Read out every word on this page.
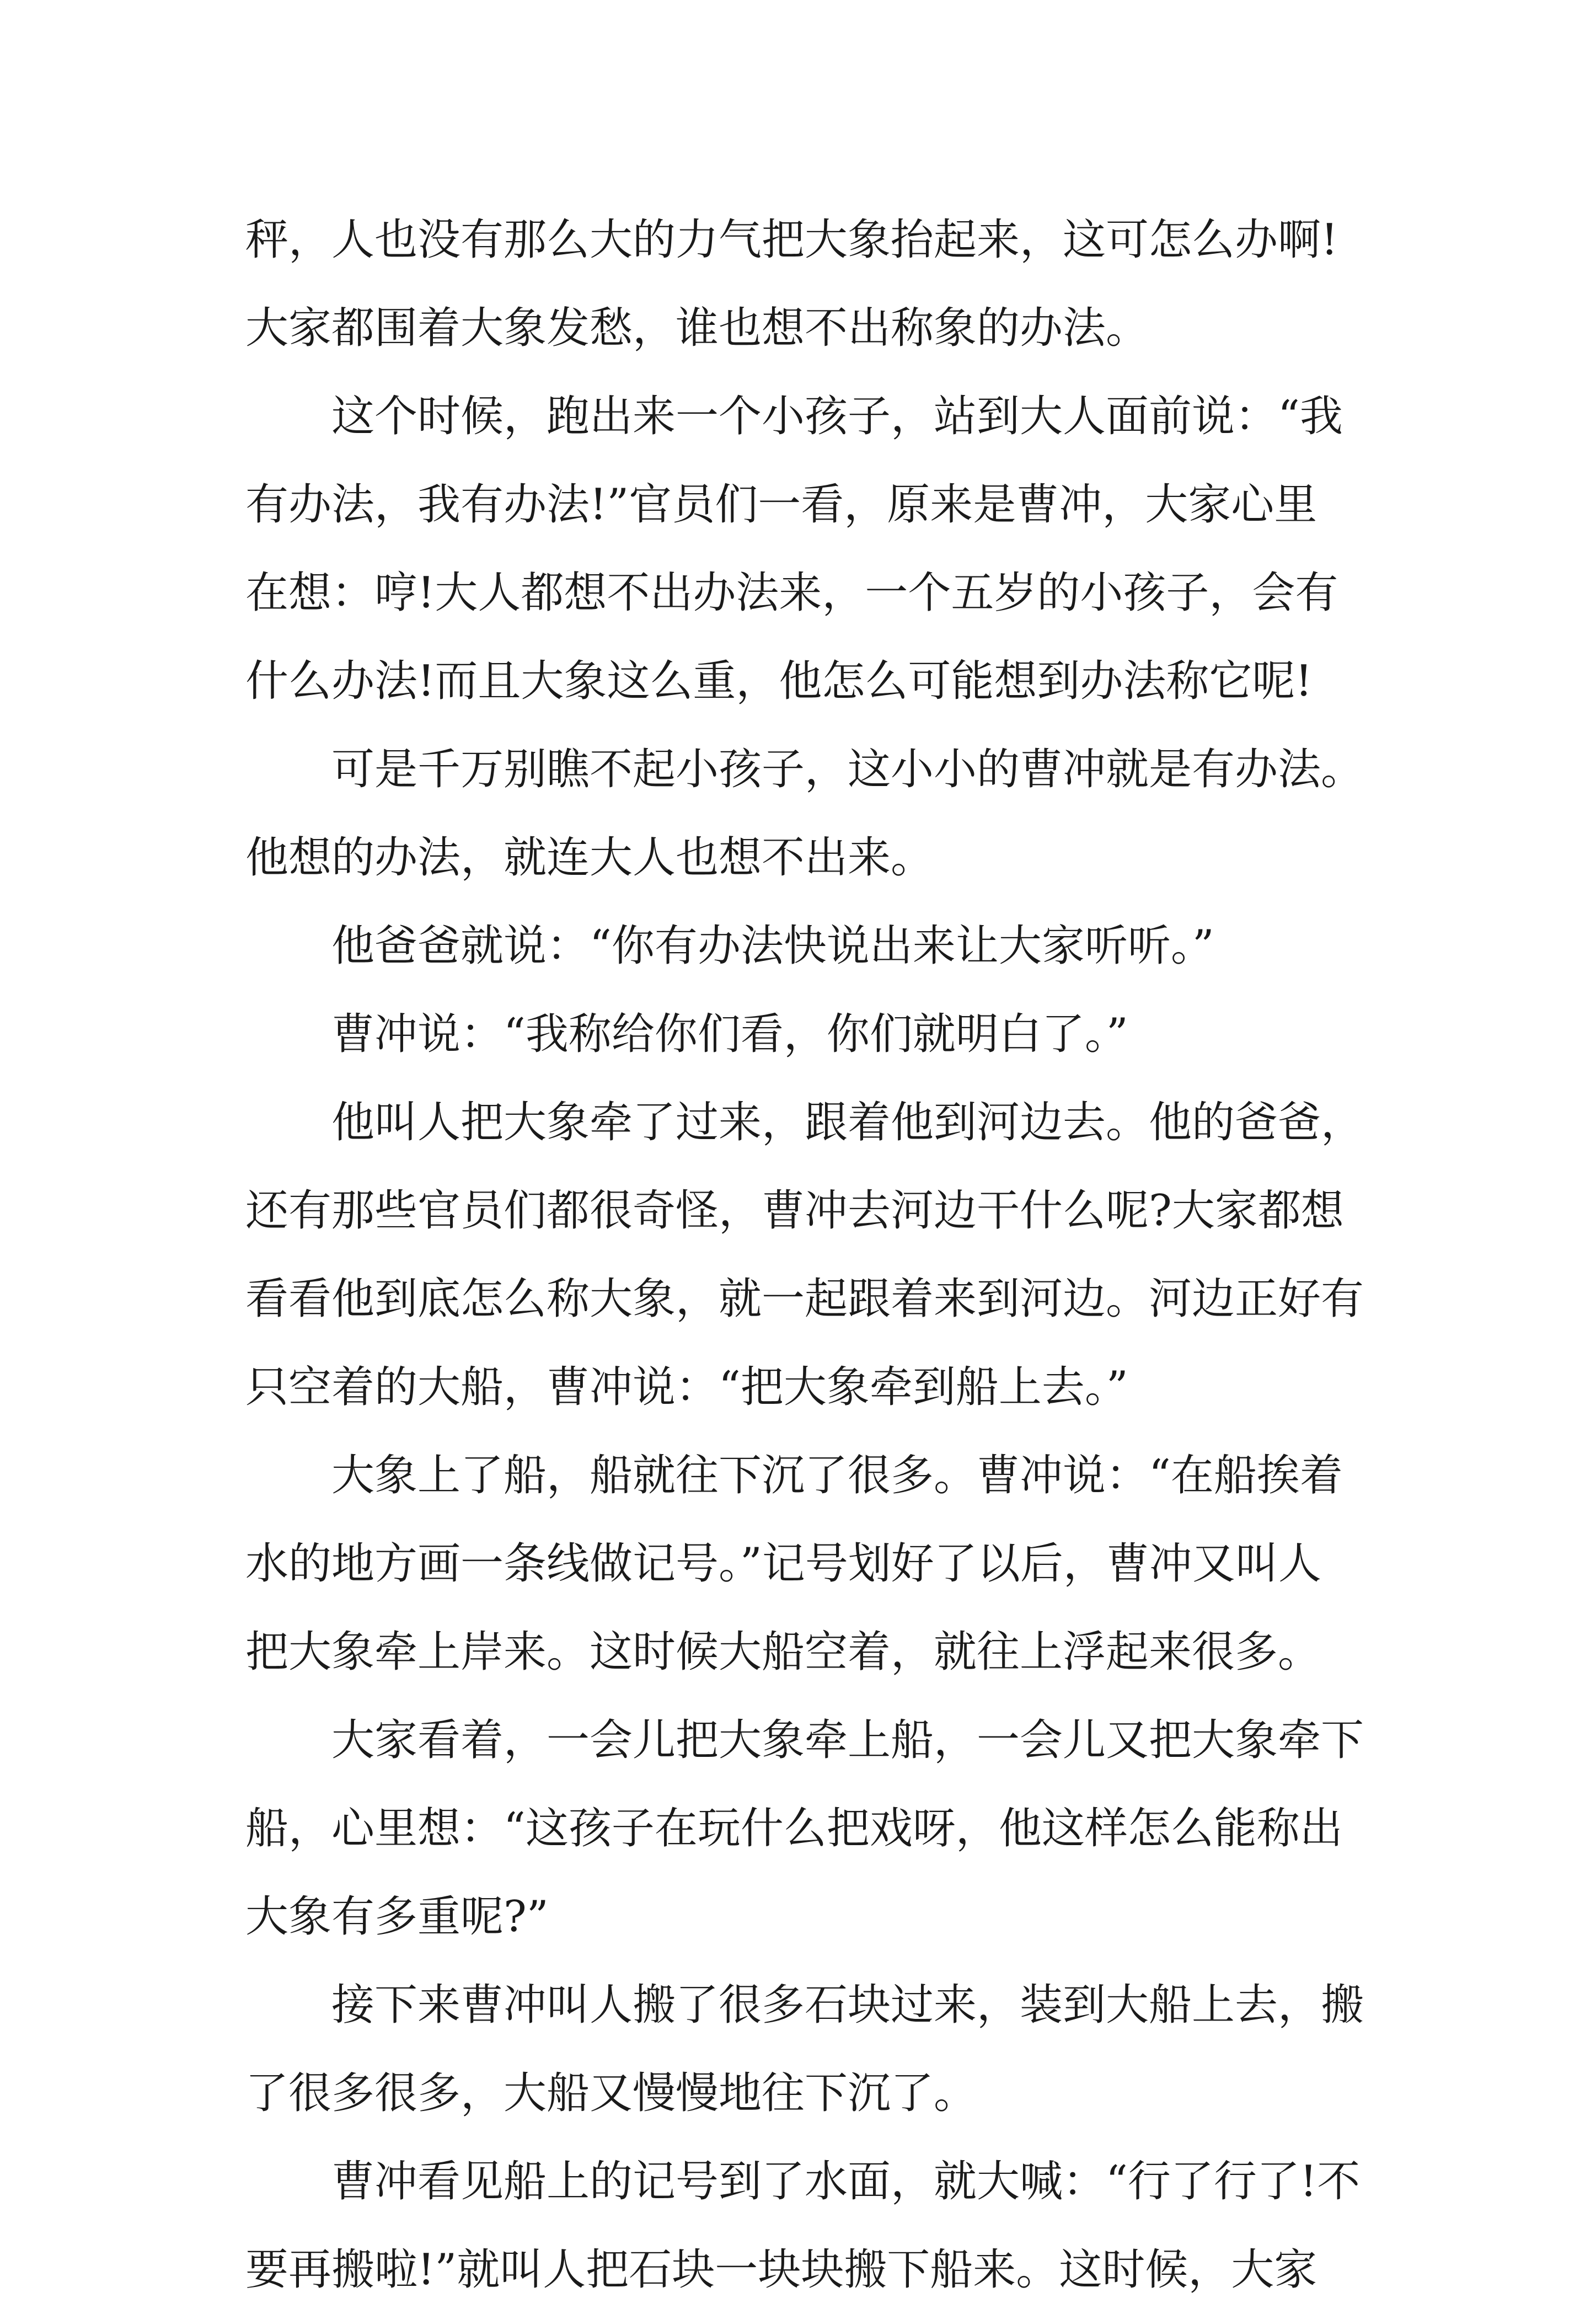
秤，人也没有那么大的力气把大象抬起来，这可怎么办啊!
大家都围着大象发愁，谁也想不出称象的办法。
这个时候，跑出来一个小孩子，站到大人面前说：“我
有办法，我有办法!”官员们一看，原来是曹冲，大家心里
在想：哼!大人都想不出办法来，一个五岁的小孩子，会有
什么办法!而且大象这么重，他怎么可能想到办法称它呢!
可是千万别瞧不起小孩子，这小小的曹冲就是有办法。
他想的办法，就连大人也想不出来。
他爸爸就说：“你有办法快说出来让大家听听。”
曹冲说：“我称给你们看，你们就明白了。”
他叫人把大象牵了过来，跟着他到河边去。他的爸爸，
还有那些官员们都很奇怪，曹冲去河边干什么呢?大家都想
看看他到底怎么称大象，就一起跟着来到河边。河边正好有
只空着的大船，曹冲说：“把大象牵到船上去。”
大象上了船，船就往下沉了很多。曹冲说：“在船挨着
水的地方画一条线做记号。”记号划好了以后，曹冲又叫人
把大象牵上岸来。这时候大船空着，就往上浮起来很多。
大家看着，一会儿把大象牵上船，一会儿又把大象牵下
船，心里想：“这孩子在玩什么把戏呀，他这样怎么能称出
大象有多重呢?”
接下来曹冲叫人搬了很多石块过来，装到大船上去，搬
了很多很多，大船又慢慢地往下沉了。
曹冲看见船上的记号到了水面，就大喊：“行了行了!不
要再搬啦!”就叫人把石块一块块搬下船来。这时候，大家
